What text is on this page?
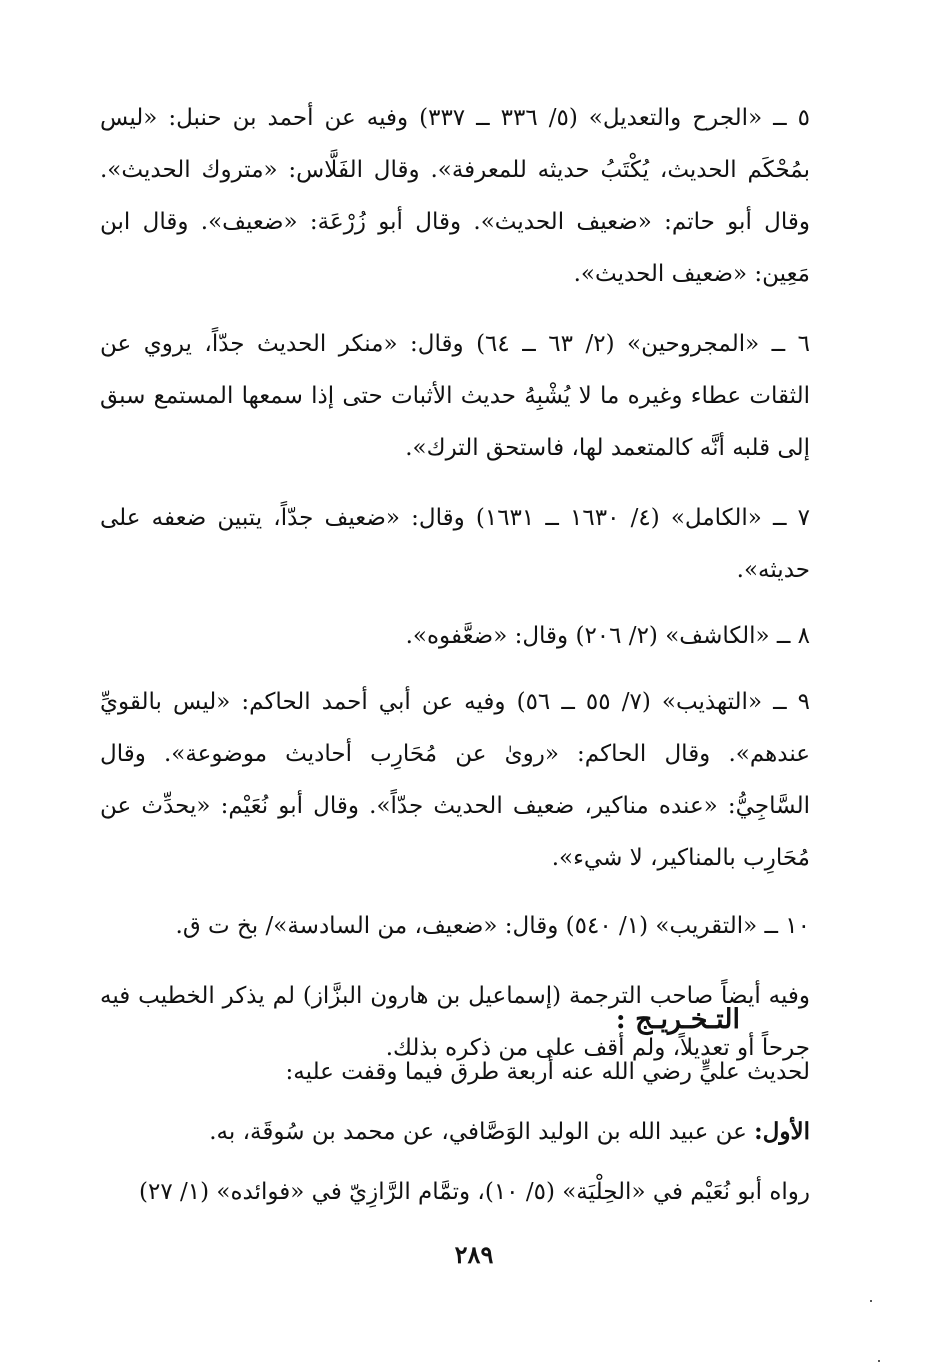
٥ ــ «الجرح والتعديل» (٥/ ٣٣٦ ــ ٣٣٧) وفيه عن أحمد بن حنبل: «ليس بمُحْكَم الحديث، يُكْتَبُ حديثه للمعرفة». وقال الفَلَّاس: «متروك الحديث». وقال أبو حاتم: «ضعيف الحديث». وقال أبو زُرْعَة: «ضعيف». وقال ابن مَعِين: «ضعيف الحديث».

٦ ــ «المجروحين» (٢/ ٦٣ ــ ٦٤) وقال: «منكر الحديث جدّاً، يروي عن الثقات عطاء وغيره ما لا يُشْبِهُ حديث الأثبات حتى إذا سمعها المستمع سبق إلى قلبه أنَّه كالمتعمد لها، فاستحق الترك».

٧ ــ «الكامل» (٤/ ١٦٣٠ ــ ١٦٣١) وقال: «ضعيف جدّاً، يتبين ضعفه على حديثه».

٨ ــ «الكاشف» (٢/ ٢٠٦) وقال: «ضعَّفوه».

٩ ــ «التهذيب» (٧/ ٥٥ ــ ٥٦) وفيه عن أبي أحمد الحاكم: «ليس بالقويِّ عندهم». وقال الحاكم: «روىٰ عن مُحَارِب أحاديث موضوعة». وقال السَّاجِيُّ: «عنده مناكير، ضعيف الحديث جدّاً». وقال أبو نُعَيْم: «يحدِّث عن مُحَارِب بالمناكير، لا شيء».

١٠ ــ «التقريب» (١/ ٥٤٠) وقال: «ضعيف، من السادسة»/ بخ ت ق.

وفيه أيضاً صاحب الترجمة (إسماعيل بن هارون البزَّاز) لم يذكر الخطيب فيه جرحاً أو تعديلاً، ولم أقف على من ذكره بذلك.

التـخـريـج :

لحديث عليٍّ رضي الله عنه أربعة طرق فيما وقفت عليه:

الأول: عن عبيد الله بن الوليد الوَصَّافي، عن محمد بن سُوقَة، به.

رواه أبو نُعَيْم في «الحِلْيَة» (٥/ ١٠)، وتمَّام الرَّازِيّ في «فوائده» (١/ ٢٧)

٢٨٩
